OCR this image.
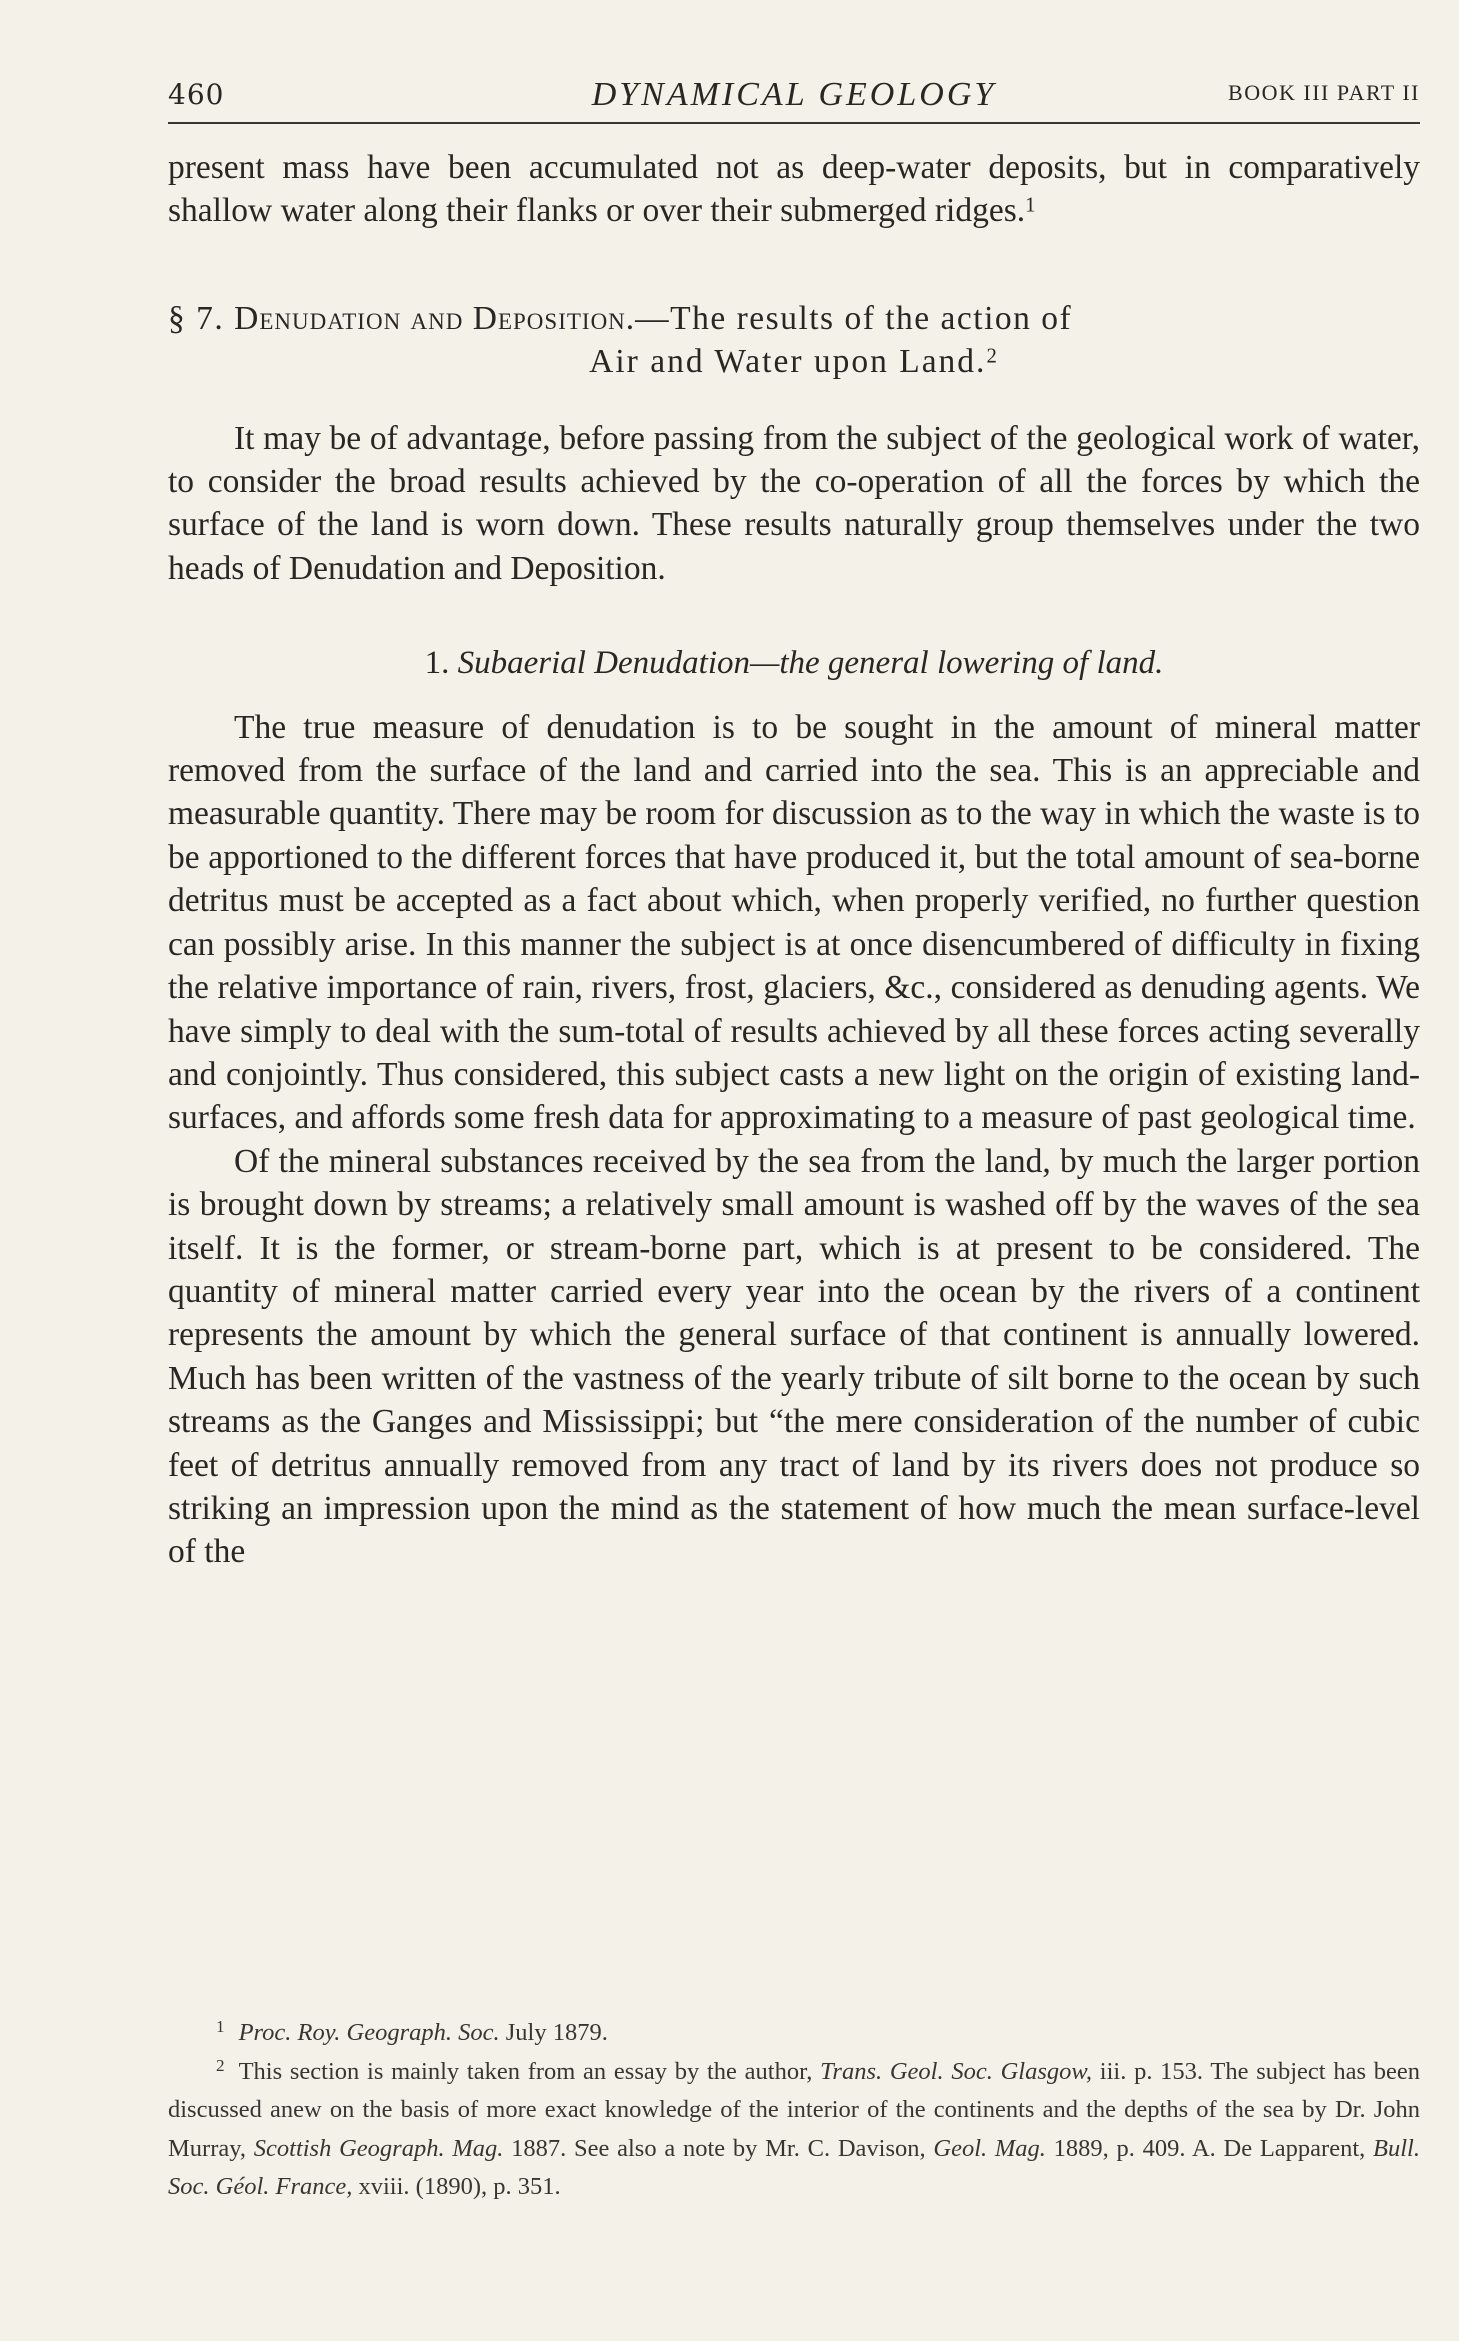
460	DYNAMICAL GEOLOGY	BOOK III PART II

present mass have been accumulated not as deep-water deposits, but in comparatively shallow water along their flanks or over their submerged ridges.$^1$

§ 7. Denudation and Deposition.—The results of the action of

Air and Water upon Land.$^2$

It may be of advantage, before passing from the subject of the geological work of water, to consider the broad results achieved by the co-operation of all the forces by which the surface of the land is worn down. These results naturally group themselves under the two heads of Denudation and Deposition.

1. Subaerial Denudation—the general lowering of land.

The true measure of denudation is to be sought in the amount of mineral matter removed from the surface of the land and carried into the sea. This is an appreciable and measurable quantity. There may be room for discussion as to the way in which the waste is to be apportioned to the different forces that have produced it, but the total amount of sea-borne detritus must be accepted as a fact about which, when properly verified, no further question can possibly arise. In this manner the subject is at once disencumbered of difficulty in fixing the relative importance of rain, rivers, frost, glaciers, &c., considered as denuding agents. We have simply to deal with the sum-total of results achieved by all these forces acting severally and conjointly. Thus considered, this subject casts a new light on the origin of existing land-surfaces, and affords some fresh data for approximating to a measure of past geological time.

Of the mineral substances received by the sea from the land, by much the larger portion is brought down by streams; a relatively small amount is washed off by the waves of the sea itself. It is the former, or stream-borne part, which is at present to be considered. The quantity of mineral matter carried every year into the ocean by the rivers of a continent represents the amount by which the general surface of that continent is annually lowered. Much has been written of the vastness of the yearly tribute of silt borne to the ocean by such streams as the Ganges and Mississippi; but “the mere consideration of the number of cubic feet of detritus annually removed from any tract of land by its rivers does not produce so striking an impression upon the mind as the statement of how much the mean surface-level of the

$^1$ Proc. Roy. Geograph. Soc. July 1879.

$^2$ This section is mainly taken from an essay by the author, Trans. Geol. Soc. Glasgow, iii. p. 153. The subject has been discussed anew on the basis of more exact knowledge of the interior of the continents and the depths of the sea by Dr. John Murray, Scottish Geograph. Mag. 1887. See also a note by Mr. C. Davison, Geol. Mag. 1889, p. 409. A. De Lapparent, Bull. Soc. Géol. France, xviii. (1890), p. 351.
